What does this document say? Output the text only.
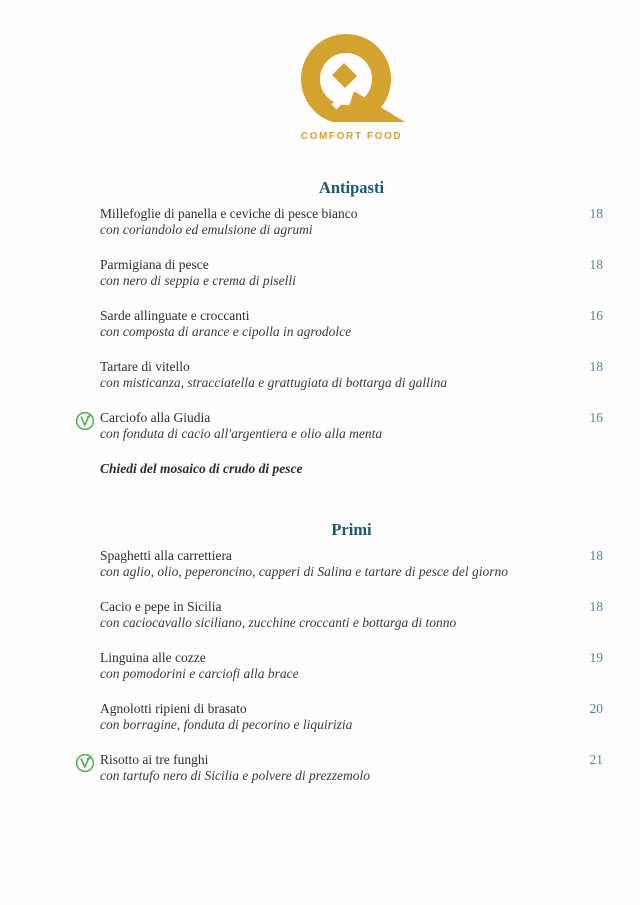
COMFORT FOOD
Antipasti
Millefoglie di panella e ceviche di pesce bianco
con coriandolo ed emulsione di agrumi
18
Parmigiana di pesce
con nero di seppia e crema di piselli
18
Sarde allinguate e croccanti
con composta di arance e cipolla in agrodolce
16
Tartare di vitello
con misticanza, stracciatella e grattugiata di bottarga di gallina
18
Carciofo alla Giudia
con fonduta di cacio all'argentiera e olio alla menta
16
Chiedi del mosaico di crudo di pesce
Primi
Spaghetti alla carrettiera
con aglio, olio, peperoncino, capperi di Salina e tartare di pesce del giorno
18
Cacio e pepe in Sicilia
con caciocavallo siciliano, zucchine croccanti e bottarga di tonno
18
Linguina alle cozze
con pomodorini e carciofi alla brace
19
Agnolotti ripieni di brasato
con borragine, fonduta di pecorino e liquirizia
20
Risotto ai tre funghi
con tartufo nero di Sicilia e polvere di prezzemolo
21
